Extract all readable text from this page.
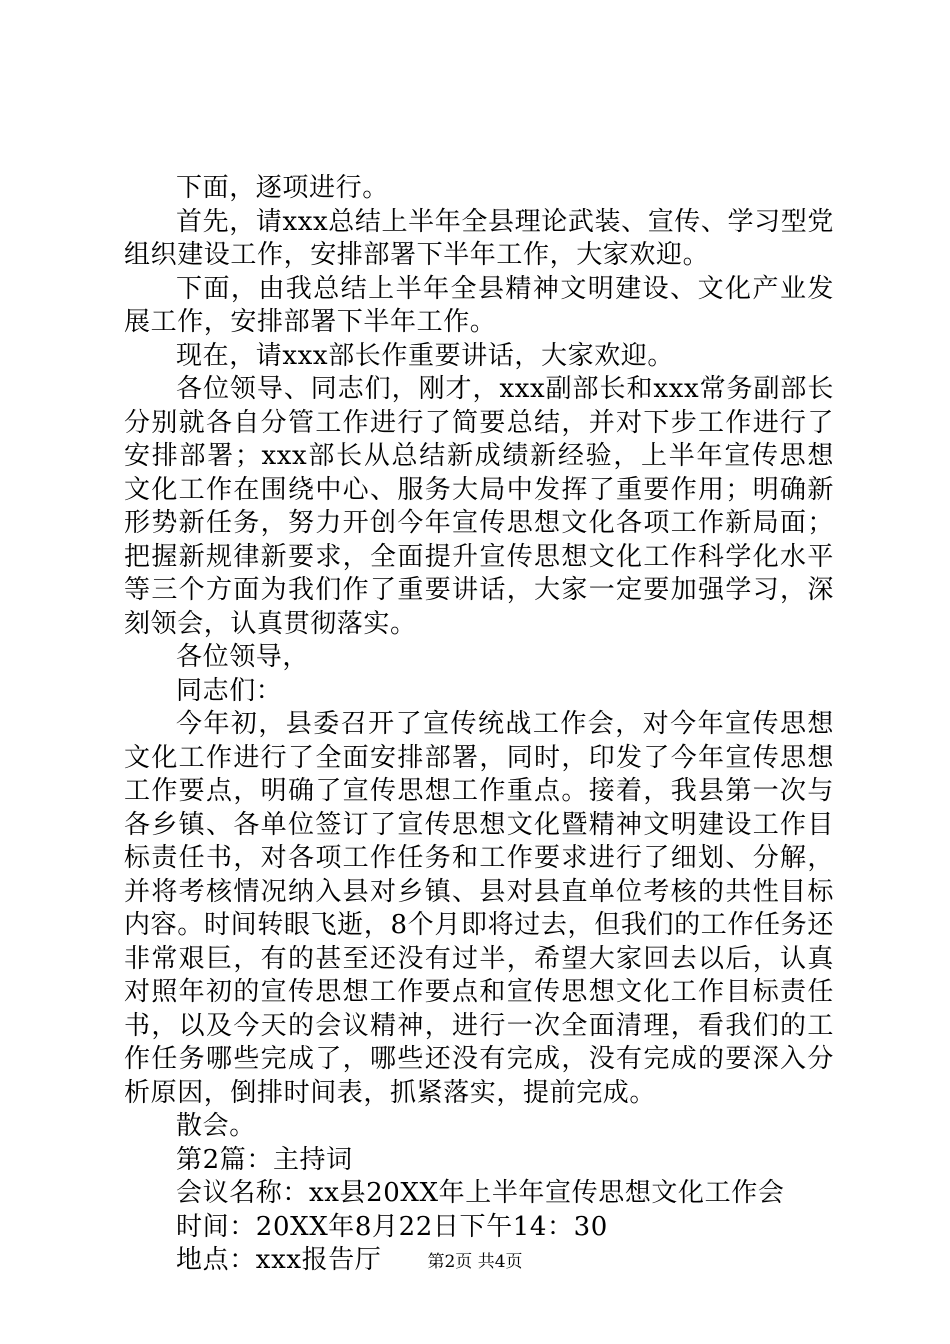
下面，逐项进行。

首先，请xxx总结上半年全县理论武装、宣传、学习型党组织建设工作，安排部署下半年工作，大家欢迎。

下面，由我总结上半年全县精神文明建设、文化产业发展工作，安排部署下半年工作。

现在，请xxx部长作重要讲话，大家欢迎。

各位领导、同志们，刚才，xxx副部长和xxx常务副部长分别就各自分管工作进行了简要总结，并对下步工作进行了安排部署；xxx部长从总结新成绩新经验，上半年宣传思想文化工作在围绕中心、服务大局中发挥了重要作用；明确新形势新任务，努力开创今年宣传思想文化各项工作新局面；把握新规律新要求，全面提升宣传思想文化工作科学化水平等三个方面为我们作了重要讲话，大家一定要加强学习，深刻领会，认真贯彻落实。

各位领导，

同志们：

今年初，县委召开了宣传统战工作会，对今年宣传思想文化工作进行了全面安排部署，同时，印发了今年宣传思想工作要点，明确了宣传思想工作重点。接着，我县第一次与各乡镇、各单位签订了宣传思想文化暨精神文明建设工作目标责任书，对各项工作任务和工作要求进行了细划、分解，并将考核情况纳入县对乡镇、县对县直单位考核的共性目标内容。时间转眼飞逝，8个月即将过去，但我们的工作任务还非常艰巨，有的甚至还没有过半，希望大家回去以后，认真对照年初的宣传思想工作要点和宣传思想文化工作目标责任书，以及今天的会议精神，进行一次全面清理，看我们的工作任务哪些完成了，哪些还没有完成，没有完成的要深入分析原因，倒排时间表，抓紧落实，提前完成。

散会。

第2篇：主持词

会议名称：xx县20XX年上半年宣传思想文化工作会

时间：20XX年8月22日下午14：30

地点：xxx报告厅	第2页 共4页
